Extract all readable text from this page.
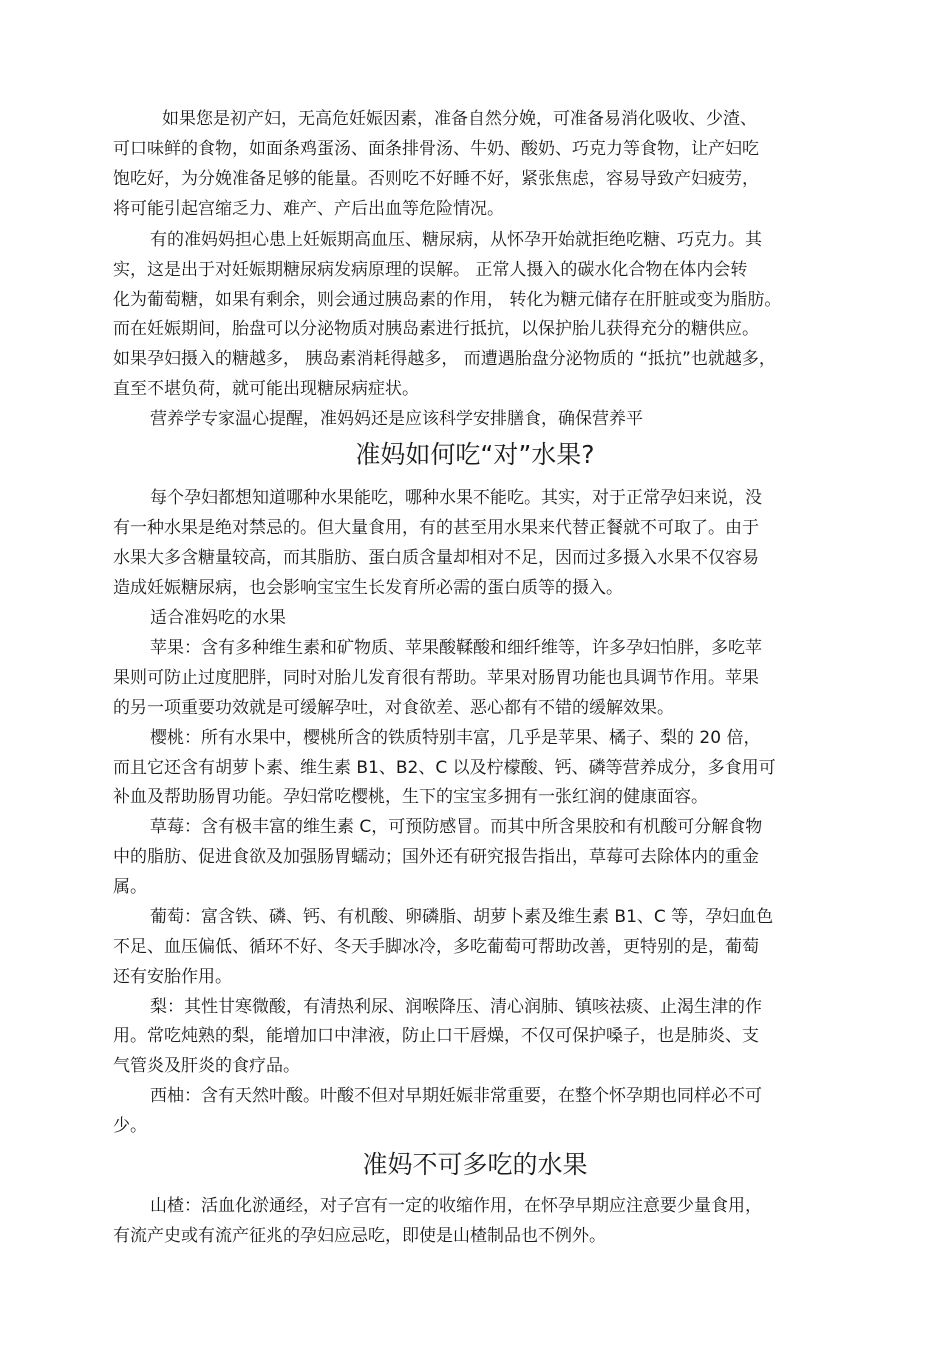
如果您是初产妇，无高危妊娠因素，准备自然分娩，可准备易消化吸收、少渣、
可口味鲜的食物，如面条鸡蛋汤、面条排骨汤、牛奶、酸奶、巧克力等食物，让产妇吃
饱吃好，为分娩准备足够的能量。否则吃不好睡不好，紧张焦虑，容易导致产妇疲劳，
将可能引起宫缩乏力、难产、产后出血等危险情况。
有的准妈妈担心患上妊娠期高血压、糖尿病，从怀孕开始就拒绝吃糖、巧克力。其
实，这是出于对妊娠期糖尿病发病原理的误解。 正常人摄入的碳水化合物在体内会转
化为葡萄糖，如果有剩余，则会通过胰岛素的作用， 转化为糖元储存在肝脏或变为脂肪。
而在妊娠期间，胎盘可以分泌物质对胰岛素进行抵抗，以保护胎儿获得充分的糖供应。
如果孕妇摄入的糖越多， 胰岛素消耗得越多， 而遭遇胎盘分泌物质的 “抵抗”也就越多，
直至不堪负荷，就可能出现糖尿病症状。
营养学专家温心提醒，准妈妈还是应该科学安排膳食，确保营养平
准妈如何吃“对”水果?
每个孕妇都想知道哪种水果能吃，哪种水果不能吃。其实，对于正常孕妇来说，没
有一种水果是绝对禁忌的。但大量食用，有的甚至用水果来代替正餐就不可取了。由于
水果大多含糖量较高，而其脂肪、蛋白质含量却相对不足，因而过多摄入水果不仅容易
造成妊娠糖尿病，也会影响宝宝生长发育所必需的蛋白质等的摄入。
适合准妈吃的水果
苹果：含有多种维生素和矿物质、苹果酸鞣酸和细纤维等，许多孕妇怕胖，多吃苹
果则可防止过度肥胖，同时对胎儿发育很有帮助。苹果对肠胃功能也具调节作用。苹果
的另一项重要功效就是可缓解孕吐，对食欲差、恶心都有不错的缓解效果。
樱桃：所有水果中，樱桃所含的铁质特别丰富，几乎是苹果、橘子、梨的 20 倍，
而且它还含有胡萝卜素、维生素 B1、B2、C 以及柠檬酸、钙、磷等营养成分，多食用可
补血及帮助肠胃功能。孕妇常吃樱桃，生下的宝宝多拥有一张红润的健康面容。
草莓：含有极丰富的维生素 C，可预防感冒。而其中所含果胶和有机酸可分解食物
中的脂肪、促进食欲及加强肠胃蠕动；国外还有研究报告指出，草莓可去除体内的重金
属。
葡萄：富含铁、磷、钙、有机酸、卵磷脂、胡萝卜素及维生素 B1、C 等，孕妇血色
不足、血压偏低、循环不好、冬天手脚冰冷，多吃葡萄可帮助改善，更特别的是，葡萄
还有安胎作用。
梨：其性甘寒微酸，有清热利尿、润喉降压、清心润肺、镇咳祛痰、止渴生津的作
用。常吃炖熟的梨，能增加口中津液，防止口干唇燥，不仅可保护嗓子，也是肺炎、支
气管炎及肝炎的食疗品。
西柚：含有天然叶酸。叶酸不但对早期妊娠非常重要，在整个怀孕期也同样必不可
少。
准妈不可多吃的水果
山楂：活血化淤通经，对子宫有一定的收缩作用，在怀孕早期应注意要少量食用，
有流产史或有流产征兆的孕妇应忌吃，即使是山楂制品也不例外。
